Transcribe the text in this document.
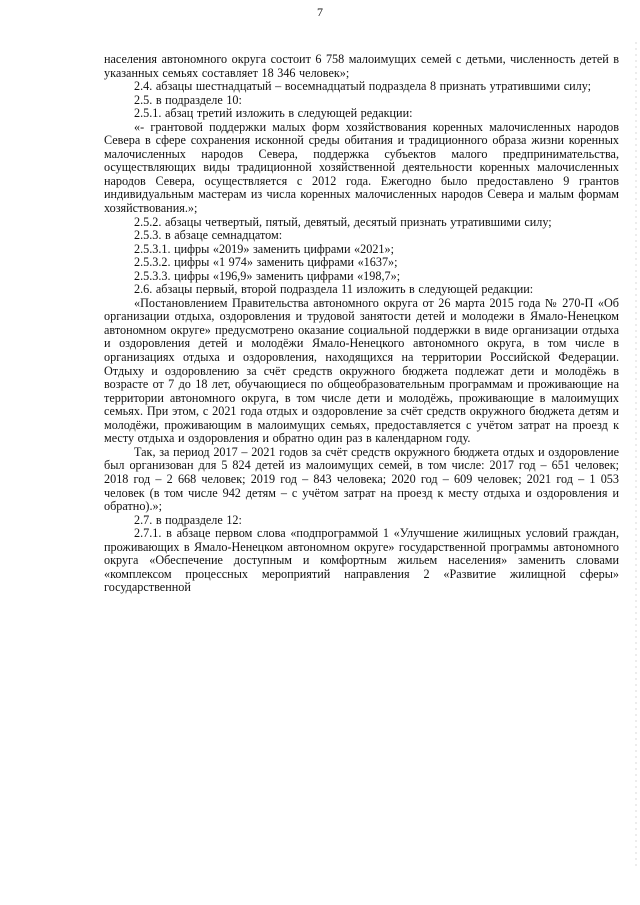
7

населения автономного округа состоит 6 758 малоимущих семей с детьми, численность детей в указанных семьях составляет 18 346 человек»;

2.4. абзацы шестнадцатый – восемнадцатый подраздела 8 признать утратившими силу;

2.5. в подразделе 10:

2.5.1. абзац третий изложить в следующей редакции:

«- грантовой поддержки малых форм хозяйствования коренных малочисленных народов Севера в сфере сохранения исконной среды обитания и традиционного образа жизни коренных малочисленных народов Севера, поддержка субъектов малого предпринимательства, осуществляющих виды традиционной хозяйственной деятельности коренных малочисленных народов Севера, осуществляется с 2012 года. Ежегодно было предоставлено 9 грантов индивидуальным мастерам из числа коренных малочисленных народов Севера и малым формам хозяйствования.»;

2.5.2. абзацы четвертый, пятый, девятый, десятый признать утратившими силу;

2.5.3. в абзаце семнадцатом:

2.5.3.1. цифры «2019» заменить цифрами «2021»;

2.5.3.2. цифры «1 974» заменить цифрами «1637»;

2.5.3.3. цифры «196,9» заменить цифрами «198,7»;

2.6. абзацы первый, второй подраздела 11 изложить в следующей редакции:

«Постановлением Правительства автономного округа от 26 марта 2015 года № 270-П «Об организации отдыха, оздоровления и трудовой занятости детей и молодежи в Ямало-Ненецком автономном округе» предусмотрено оказание социальной поддержки в виде организации отдыха и оздоровления детей и молодёжи Ямало-Ненецкого автономного округа, в том числе в организациях отдыха и оздоровления, находящихся на территории Российской Федерации. Отдыху и оздоровлению за счёт средств окружного бюджета подлежат дети и молодёжь в возрасте от 7 до 18 лет, обучающиеся по общеобразовательным программам и проживающие на территории автономного округа, в том числе дети и молодёжь, проживающие в малоимущих семьях. При этом, с 2021 года отдых и оздоровление за счёт средств окружного бюджета детям и молодёжи, проживающим в малоимущих семьях, предоставляется с учётом затрат на проезд к месту отдыха и оздоровления и обратно один раз в календарном году.

Так, за период 2017 – 2021 годов за счёт средств окружного бюджета отдых и оздоровление был организован для 5 824 детей из малоимущих семей, в том числе: 2017 год – 651 человек; 2018 год – 2 668 человек; 2019 год – 843 человека; 2020 год – 609 человек; 2021 год – 1 053 человек (в том числе 942 детям – с учётом затрат на проезд к месту отдыха и оздоровления и обратно).»;

2.7. в подразделе 12:

2.7.1. в абзаце первом слова «подпрограммой 1 «Улучшение жилищных условий граждан, проживающих в Ямало-Ненецком автономном округе» государственной программы автономного округа «Обеспечение доступным и комфортным жильем населения» заменить словами «комплексом процессных мероприятий направления 2 «Развитие жилищной сферы» государственной
